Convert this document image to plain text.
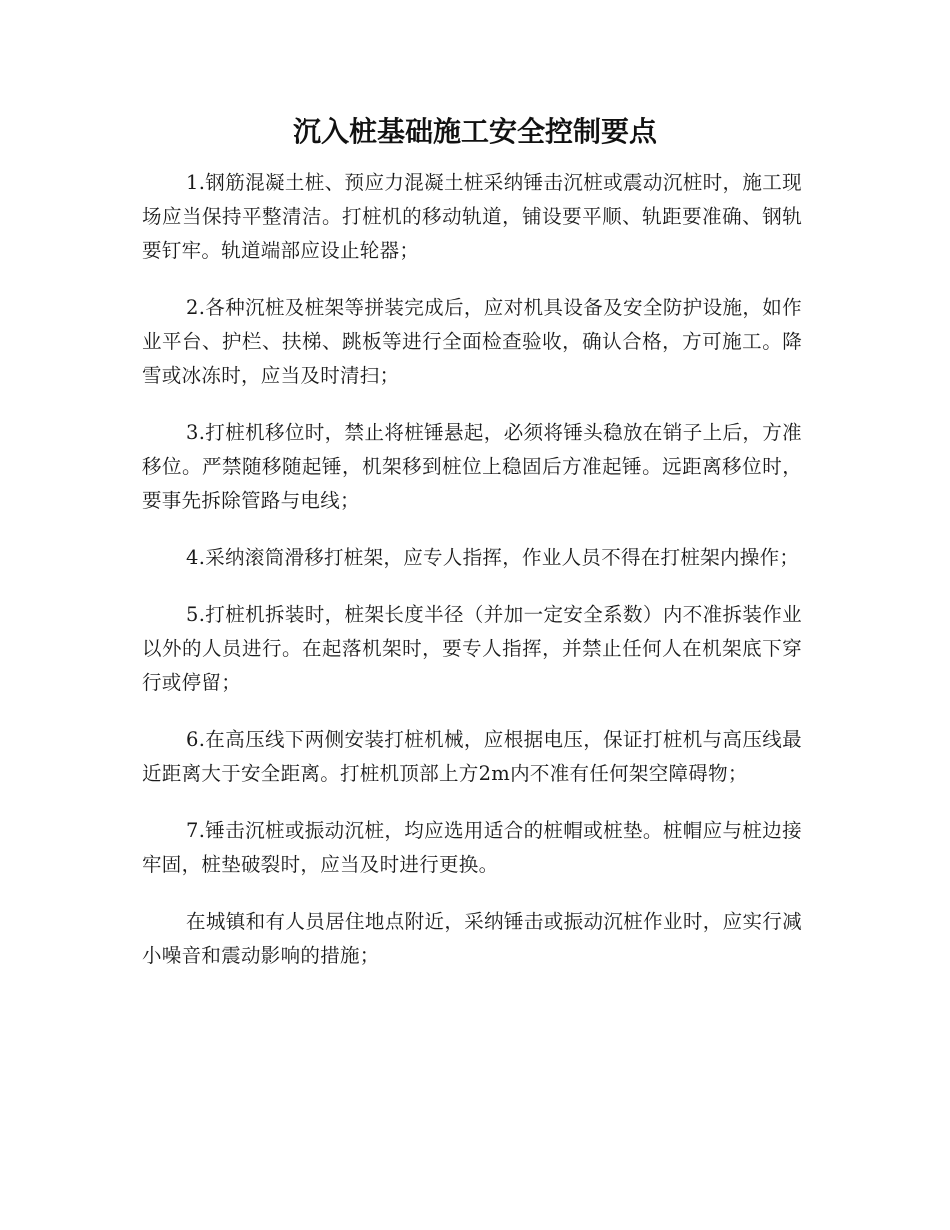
沉入桩基础施工安全控制要点

1.钢筋混凝土桩、预应力混凝土桩采纳锤击沉桩或震动沉桩时，施工现场应当保持平整清洁。打桩机的移动轨道，铺设要平顺、轨距要准确、钢轨要钉牢。轨道端部应设止轮器；

2.各种沉桩及桩架等拼装完成后，应对机具设备及安全防护设施，如作业平台、护栏、扶梯、跳板等进行全面检查验收，确认合格，方可施工。降雪或冰冻时，应当及时清扫；

3.打桩机移位时，禁止将桩锤悬起，必须将锤头稳放在销子上后，方准移位。严禁随移随起锤，机架移到桩位上稳固后方准起锤。远距离移位时，要事先拆除管路与电线；

4.采纳滚筒滑移打桩架，应专人指挥，作业人员不得在打桩架内操作；

5.打桩机拆装时，桩架长度半径（并加一定安全系数）内不准拆装作业以外的人员进行。在起落机架时，要专人指挥，并禁止任何人在机架底下穿行或停留；

6.在高压线下两侧安装打桩机械，应根据电压，保证打桩机与高压线最近距离大于安全距离。打桩机顶部上方2m内不准有任何架空障碍物；

7.锤击沉桩或振动沉桩，均应选用适合的桩帽或桩垫。桩帽应与桩边接牢固，桩垫破裂时，应当及时进行更换。

在城镇和有人员居住地点附近，采纳锤击或振动沉桩作业时，应实行减小噪音和震动影响的措施；
